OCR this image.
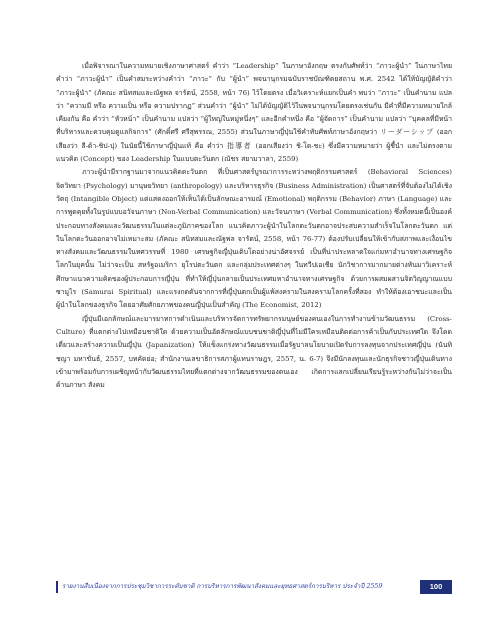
เมื่อพิจารณาในความหมายเชิงภาษาศาสตร์ คำว่า “Leadership” ในภาษาอังกฤษ ตรงกับศัพท์ว่า “ภาวะผู้นำ” ในภาษาไทย คำว่า “ภาวะผู้นำ” เป็นคำสมระหว่างคำว่า “ภาวะ” กับ “ผู้นำ” พจนานุกรมฉบับราชบัณฑิตยสถาน พ.ศ. 2542 ได้ให้บัญญัติคำว่า “ภาวะผู้นำ” (ภัคณะ สนิทสมและณัฐพล จารัตน์, 2558, หน้า 76) ไว้โดยตรง เมื่อวิเคราะห์แยกเป็นคำ พบว่า “ภาวะ” เป็นคำนาม แปลว่า “ความมี หรือ ความเป็น หรือ ความปรากฏ” ส่วนคำว่า “ผู้นำ” ไม่ได้บัญญัติไว้ในพจนานุกรมโดยตรงเช่นกัน มีคำที่มีความหมายใกล้เคียงกัน คือ คำว่า “หัวหน้า” เป็นคำนาม แปลว่า “ผู้ใหญ่ในหมู่หนึ่งๆ” และอีกคำหนึ่ง คือ “ผู้จัดการ” เป็นคำนาม แปลว่า “บุคคลที่มีหน้าที่บริหารและควบคุมดูแลกิจการ” (ศักดิ์ศรี ศรีสุพรรณ, 2555) ส่วนในภาษาญี่ปุ่นใช้คำทับศัพท์ภาษาอังกฤษว่า リーダーシップ (ออกเสียงว่า ลี-ด้า-ชิป-ปุ) ในนัยนี้ใช้ภาษาญี่ปุ่นแท้ คือ คำว่า 指導者 (ออกเสียงว่า ชิ-โด-ชะ) ซึ่งมีความหมายว่า ผู้ชี้นำ และไม่ตรงตามแนวคิด (Concept) ของ Leadership ในแบบตะวันตก (ณัชร สยามวาลา, 2559)

ภาวะผู้นำมีรากฐานมาจากแนวคิดตะวันตก ที่เป็นศาสตร์บูรณาการระหว่างพฤติกรรมศาสตร์ (Behavioral Sciences) จิตวิทยา (Psychology) มานุษยวิทยา (anthropology) และบริหารธุรกิจ (Business Administration) เป็นศาสตร์ที่จับต้องไม่ได้เชิงวัตถุ (Intangible Object) แต่แสดงออกให้เห็นได้เป็นลักษณะอารมณ์ (Emotional) พฤติกรรม (Behavior) ภาษา (Language) และการพูดคุยทั้งในรูปแบบอวัจนภาษา (Non-Verbal Communication) และวัจนภาษา (Verbal Communication) ซึ่งทั้งหมดนี้เป็นองค์ประกอบทางสังคมและวัฒนธรรมในแต่ละภูมิภาคของโลก แนวคิดภาวะผู้นำในโลกตะวันตกอาจประสบความสำเร็จในโลกตะวันตก แต่ในโลกตะวันออกอาจไม่เหมาะสม (ภัคณะ สนิทสมและณัฐพล จารัตน์, 2558, หน้า 76-77) ต้องปรับเปลี่ยนให้เข้ากับสภาพและเงื่อนไขทางสังคมและวัฒนธรรมในทศวรรษที่ 1980 เศรษฐกิจญี่ปุ่นเติบโตอย่างน่าอัศจรรย์ เป็นที่น่าประหลาดใจแก่มหาอำนาจทางเศรษฐกิจโลกในยุคนั้น ไม่ว่าจะเป็น สหรัฐอเมริกา ยุโรปตะวันตก และกลุ่มประเทศต่างๆ ในทวีปเอเชีย นักวิชาการมากมายต่างหันมาวิเคราะห์ศึกษาแนวความคิดของผู้ประกอบการญี่ปุ่น ที่ทำให้ญี่ปุ่นกลายเป็นประเทศมหาอำนาจทางเศรษฐกิจ ด้วยการผสมผสานจิตวิญญาณแบบซามูไร (Samurai Spiritual) และแรงกดดันจากการที่ญี่ปุ่นตกเป็นผู้แพ้สงครามในสงครามโลกครั้งที่สอง ทำให้ต้องเอาชนะและเป็นผู้นำในโลกของธุรกิจ โดยอาศัยศักยภาพของคนญี่ปุ่นเป็นสำคัญ (The Economist, 2012)

ญี่ปุ่นมีเอกลักษณ์และมารยาทการดำเนินและบริหารจัดการทรัพยากรมนุษย์ของคนเองในการทำงานข้ามวัฒนธรรม (Cross-Culture) ที่แตกต่างไปเหมือนชาติใด ด้วยความเป็นอัตลักษณ์แบบชนชาติญี่ปุ่นที่ไม่มีใครเหมือนติดต่อการค้าเป็นกับประเทศใด จึงโดดเดี่ยวและสร้างความเป็นญี่ปุ่น (Japanization) ให้แข็งแกร่งทางวัฒนธรรมเมื่อรัฐบาลนโยบายเปิดรับการลงทุนจากประเทศญี่ปุ่น (นันทิชญา มหาขันธ์, 2557, บทคัดย่อ; สำนักงานเลขาธิการสภาผู้แทนราษฎร, 2557, น. 6-7) จึงมีนักลงทุนและนักธุรกิจชาวญี่ปุ่นเดินทางเข้ามาพร้อมกับการเผชิญหน้ากับวัฒนธรรมไทยที่แตกต่างจากวัฒนธรรมของตนเอง เกิดการแลกเปลี่ยนเรียนรู้ระหว่างกันไม่ว่าจะเป็นด้านภาษา สังคม

รายงานสืบเนื่องจากการประชุมวิชาการระดับชาติ การบริหารการพัฒนาสังคมและยุทธศาสตร์การบริหาร ประจำปี 2559	100
